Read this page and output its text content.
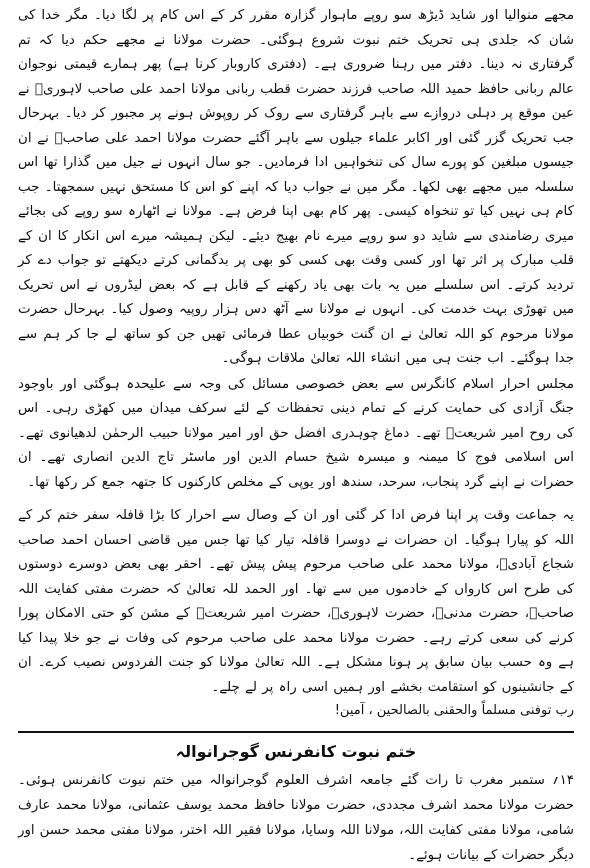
مجھے منوالیا اور شاید ڈیڑھ سو روپے ماہوار گزارہ مقرر کر کے اس کام پر لگا دیا۔ مگر خدا کی شان کہ جلدی ہی تحریک ختم نبوت شروع ہوگئی۔ حضرت مولانا نے مجھے حکم دیا کہ تم گرفتاری نہ دینا۔ دفتر میں رہنا ضروری ہے۔ (دفتری کاروبار کرنا ہے) پھر ہمارے قیمتی نوجوان عالم ربانی حافظ حمید اللہ صاحب فرزند حضرت قطب ربانی مولانا احمد علی صاحب لاہوریؒ نے عین موقع پر دہلی دروازے سے باہر گرفتاری سے روک کر روپوش ہونے پر مجبور کر دیا۔ بہرحال جب تحریک گزر گئی اور اکابر علماء جیلوں سے باہر آگئے حضرت مولانا احمد علی صاحبؒ نے ان جیسوں مبلغین کو پورے سال کی تنخواہیں ادا فرمادیں۔ جو سال انہوں نے جیل میں گذارا تھا اس سلسلہ میں مجھے بھی لکھا۔ مگر میں نے جواب دیا کہ اپنے کو اس کا مستحق نہیں سمجھتا۔ جب کام ہی نہیں کیا تو تنخواہ کیسی۔ پھر کام بھی اپنا فرض ہے۔ مولانا نے اٹھارہ سو روپے کی بجائے میری رضامندی سے شاید دو سو روپے میرے نام بھیج دیئے۔ لیکن ہمیشہ میرے اس انکار کا ان کے قلب مبارک پر اثر تھا اور کسی وقت بھی کسی کو بھی پر بدگمانی کرتے دیکھتے تو جواب دے کر تردید کرتے۔ اس سلسلے میں یہ بات بھی یاد رکھنے کے قابل ہے کہ بعض لیڈروں نے اس تحریک میں تھوڑی بہت خدمت کی۔ انہوں نے مولانا سے آٹھ دس ہزار روپیہ وصول کیا۔ بہرحال حضرت مولانا مرحوم کو اللہ تعالیٰ نے ان گنت خوبیاں عطا فرمائی تھیں جن کو ساتھ لے جا کر ہم سے جدا ہوگئے۔ اب جنت ہی میں انشاء اللہ تعالیٰ ملاقات ہوگی۔

مجلس احرار اسلام کانگرس سے بعض خصوصی مسائل کی وجہ سے علیحدہ ہوگئی اور باوجود جنگ آزادی کی حمایت کرنے کے تمام دینی تحفظات کے لئے سرکف میدان میں کھڑی رہی۔ اس کی روح امیر شریعتؒ تھے۔ دماغ چوہدری افضل حق اور امیر مولانا حبیب الرحمٰن لدھیانوی تھے۔ اس اسلامی فوج کا میمنہ و میسرہ شیخ حسام الدین اور ماسٹر تاج الدین انصاری تھے۔ ان حضرات نے اپنے گرد پنجاب، سرحد، سندھ اور یوپی کے مخلص کارکنوں کا جتھہ جمع کر رکھا تھا۔

یہ جماعت وقت پر اپنا فرض ادا کر گئی اور ان کے وصال سے احرار کا بڑا قافلہ سفر ختم کر کے اللہ کو پیارا ہوگیا۔ ان حضرات نے دوسرا قافلہ تیار کیا تھا جس میں قاضی احسان احمد صاحب شجاع آبادیؒ، مولانا محمد علی صاحب مرحوم پیش پیش تھے۔ احقر بھی بعض دوسرے دوستوں کی طرح اس کارواں کے خادموں میں سے تھا۔ اور الحمد للہ تعالیٰ کہ حضرت مفتی کفایت اللہ صاحبؒ، حضرت مدنیؒ، حضرت لاہوریؒ، حضرت امیر شریعتؒ کے مشن کو حتی الامکان پورا کرنے کی سعی کرتے رہے۔ حضرت مولانا محمد علی صاحب مرحوم کی وفات نے جو خلا پیدا کیا ہے وہ حسب بیان سابق پر ہونا مشکل ہے۔ اللہ تعالیٰ مولانا کو جنت الفردوس نصیب کرے۔ ان کے جانشینوں کو استقامت بخشے اور ہمیں اسی راہ پر لے چلے۔

رب توفنی مسلماً والحقنی بالصالحین ، آمین!

ختم نبوت کانفرنس گوجرانوالہ

۱۴؍ ستمبر مغرب تا رات گئے جامعہ اشرف العلوم گوجرانوالہ میں ختم نبوت کانفرنس ہوئی۔ حضرت مولانا محمد اشرف مجددی، حضرت مولانا حافظ محمد یوسف عثمانی، مولانا محمد عارف شامی، مولانا مفتی کفایت اللہ، مولانا اللہ وسایا، مولانا فقیر اللہ اختر، مولانا مفتی محمد حسن اور دیگر حضرات کے بیانات ہوئے۔
